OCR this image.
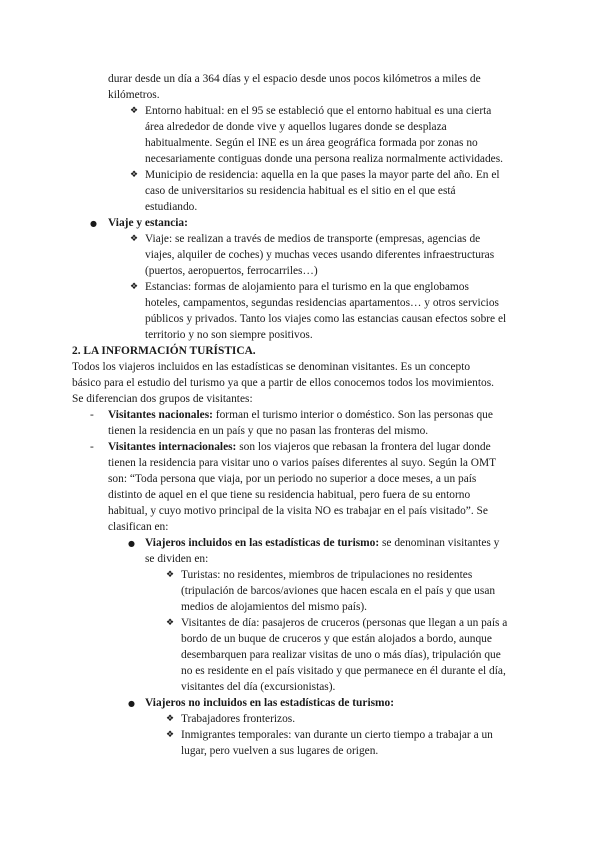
durar desde un día a 364 días y el espacio desde unos pocos kilómetros a miles de
kilómetros.
❖ Entorno habitual: en el 95 se estableció que el entorno habitual es una cierta
área alrededor de donde vive y aquellos lugares donde se desplaza
habitualmente. Según el INE es un área geográfica formada por zonas no
necesariamente contiguas donde una persona realiza normalmente actividades.
❖ Municipio de residencia: aquella en la que pases la mayor parte del año. En el
caso de universitarios su residencia habitual es el sitio en el que está
estudiando.
● Viaje y estancia:
❖ Viaje: se realizan a través de medios de transporte (empresas, agencias de
viajes, alquiler de coches) y muchas veces usando diferentes infraestructuras
(puertos, aeropuertos, ferrocarriles…)
❖ Estancias: formas de alojamiento para el turismo en la que englobamos
hoteles, campamentos, segundas residencias apartamentos… y otros servicios
públicos y privados. Tanto los viajes como las estancias causan efectos sobre el
territorio y no son siempre positivos.
2. LA INFORMACIÓN TURÍSTICA.
Todos los viajeros incluidos en las estadísticas se denominan visitantes. Es un concepto
básico para el estudio del turismo ya que a partir de ellos conocemos todos los movimientos.
Se diferencian dos grupos de visitantes:
- Visitantes nacionales: forman el turismo interior o doméstico. Son las personas que
tienen la residencia en un país y que no pasan las fronteras del mismo.
- Visitantes internacionales: son los viajeros que rebasan la frontera del lugar donde
tienen la residencia para visitar uno o varios países diferentes al suyo. Según la OMT
son: “Toda persona que viaja, por un periodo no superior a doce meses, a un país
distinto de aquel en el que tiene su residencia habitual, pero fuera de su entorno
habitual, y cuyo motivo principal de la visita NO es trabajar en el país visitado”. Se
clasifican en:
● Viajeros incluidos en las estadísticas de turismo: se denominan visitantes y
se dividen en:
❖ Turistas: no residentes, miembros de tripulaciones no residentes
(tripulación de barcos/aviones que hacen escala en el país y que usan
medios de alojamientos del mismo país).
❖ Visitantes de día: pasajeros de cruceros (personas que llegan a un país a
bordo de un buque de cruceros y que están alojados a bordo, aunque
desembarquen para realizar visitas de uno o más días), tripulación que
no es residente en el país visitado y que permanece en él durante el día,
visitantes del día (excursionistas).
● Viajeros no incluidos en las estadísticas de turismo:
❖ Trabajadores fronterizos.
❖ Inmigrantes temporales: van durante un cierto tiempo a trabajar a un
lugar, pero vuelven a sus lugares de origen.
